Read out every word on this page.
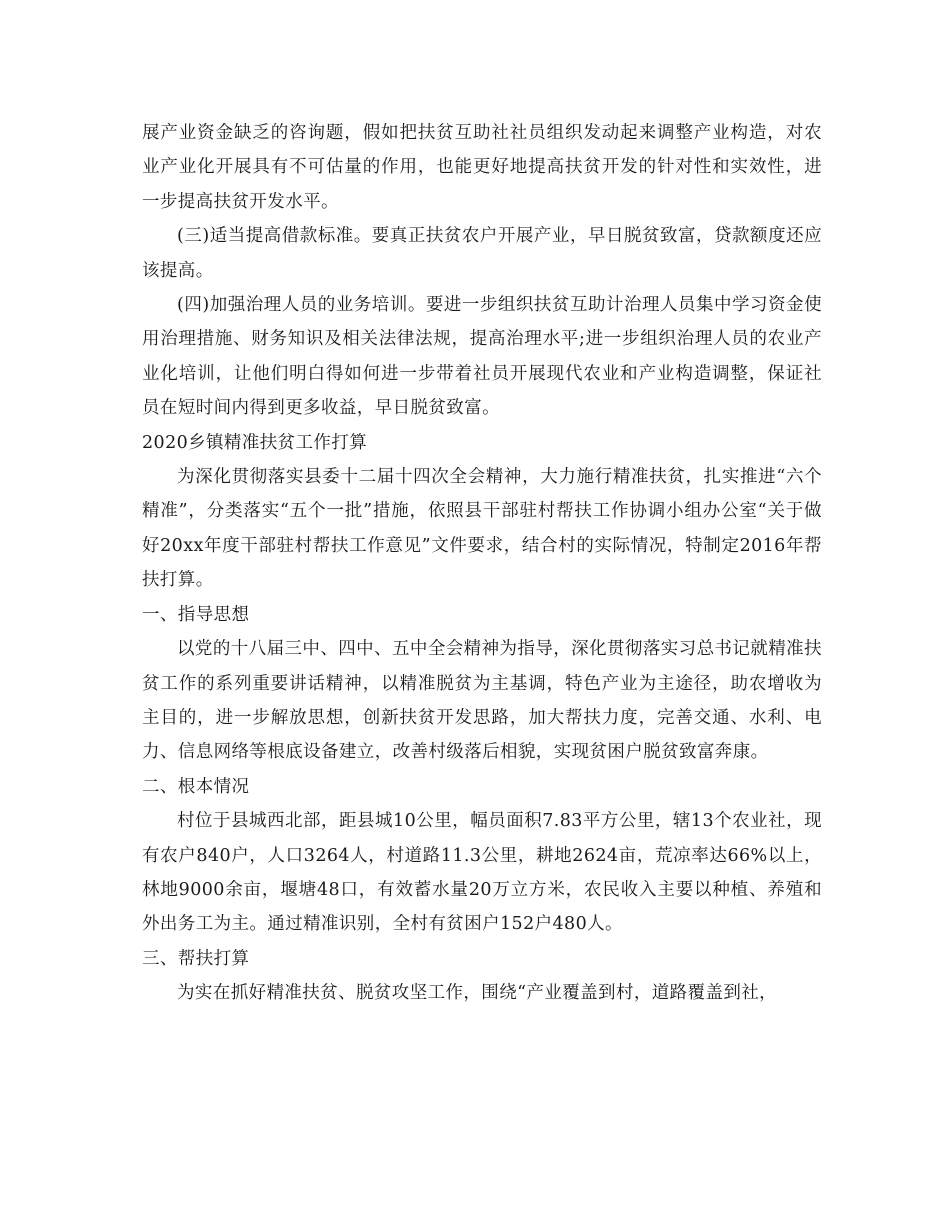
展产业资金缺乏的咨询题，假如把扶贫互助社社员组织发动起来调整产业构造，对农业产业化开展具有不可估量的作用，也能更好地提高扶贫开发的针对性和实效性，进一步提高扶贫开发水平。

(三)适当提高借款标准。要真正扶贫农户开展产业，早日脱贫致富，贷款额度还应该提高。

(四)加强治理人员的业务培训。要进一步组织扶贫互助计治理人员集中学习资金使用治理措施、财务知识及相关法律法规，提高治理水平;进一步组织治理人员的农业产业化培训，让他们明白得如何进一步带着社员开展现代农业和产业构造调整，保证社员在短时间内得到更多收益，早日脱贫致富。

2020乡镇精准扶贫工作打算

为深化贯彻落实县委十二届十四次全会精神，大力施行精准扶贫，扎实推进“六个精准”，分类落实“五个一批”措施，依照县干部驻村帮扶工作协调小组办公室“关于做好20xx年度干部驻村帮扶工作意见”文件要求，结合村的实际情况，特制定2016年帮扶打算。

一、指导思想

以党的十八届三中、四中、五中全会精神为指导，深化贯彻落实习总书记就精准扶贫工作的系列重要讲话精神，以精准脱贫为主基调，特色产业为主途径，助农增收为主目的，进一步解放思想，创新扶贫开发思路，加大帮扶力度，完善交通、水利、电力、信息网络等根底设备建立，改善村级落后相貌，实现贫困户脱贫致富奔康。

二、根本情况

村位于县城西北部，距县城10公里，幅员面积7.83平方公里，辖13个农业社，现有农户840户，人口3264人，村道路11.3公里，耕地2624亩，荒凉率达66%以上，林地9000余亩，堰塘48口，有效蓄水量20万立方米，农民收入主要以种植、养殖和外出务工为主。通过精准识别，全村有贫困户152户480人。

三、帮扶打算

为实在抓好精准扶贫、脱贫攻坚工作，围绕“产业覆盖到村，道路覆盖到社，
